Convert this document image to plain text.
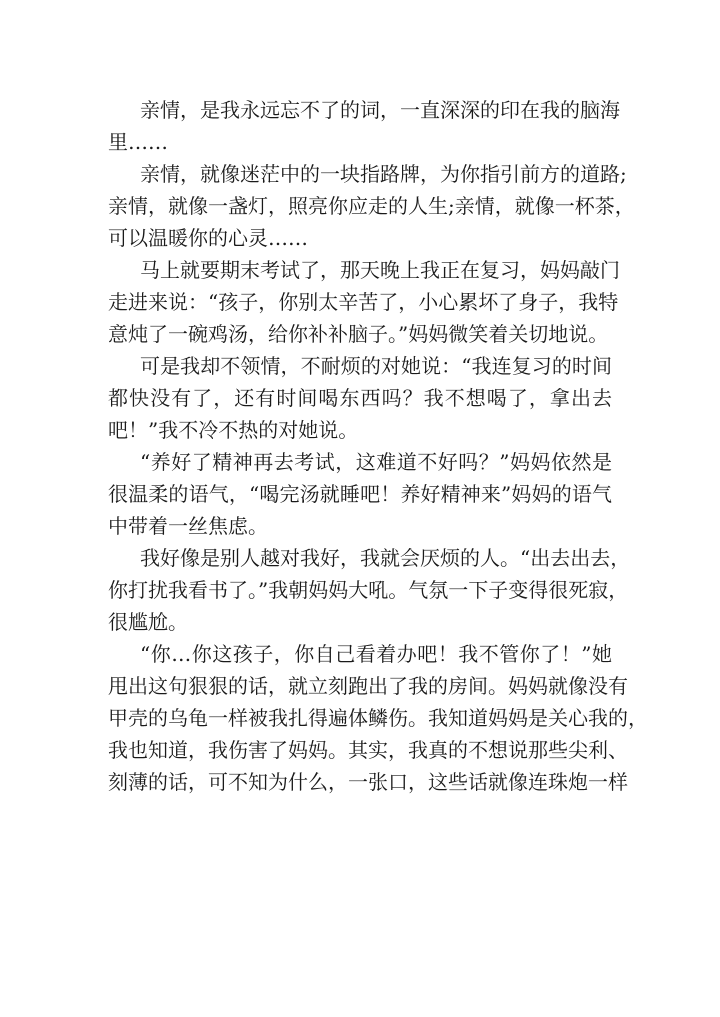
亲情，是我永远忘不了的词，一直深深的印在我的脑海
里……
亲情，就像迷茫中的一块指路牌，为你指引前方的道路;
亲情，就像一盏灯，照亮你应走的人生;亲情，就像一杯茶，
可以温暖你的心灵……
马上就要期末考试了，那天晚上我正在复习，妈妈敲门
走进来说：“孩子，你别太辛苦了，小心累坏了身子，我特
意炖了一碗鸡汤，给你补补脑子。”妈妈微笑着关切地说。
可是我却不领情，不耐烦的对她说：“我连复习的时间
都快没有了，还有时间喝东西吗？我不想喝了，拿出去
吧！”我不冷不热的对她说。
“养好了精神再去考试，这难道不好吗？”妈妈依然是
很温柔的语气，“喝完汤就睡吧！养好精神来”妈妈的语气
中带着一丝焦虑。
我好像是别人越对我好，我就会厌烦的人。“出去出去，
你打扰我看书了。”我朝妈妈大吼。气氛一下子变得很死寂，
很尴尬。
“你…你这孩子，你自己看着办吧！我不管你了！”她
甩出这句狠狠的话，就立刻跑出了我的房间。妈妈就像没有
甲壳的乌龟一样被我扎得遍体鳞伤。我知道妈妈是关心我的，
我也知道，我伤害了妈妈。其实，我真的不想说那些尖利、
刻薄的话，可不知为什么，一张口，这些话就像连珠炮一样
